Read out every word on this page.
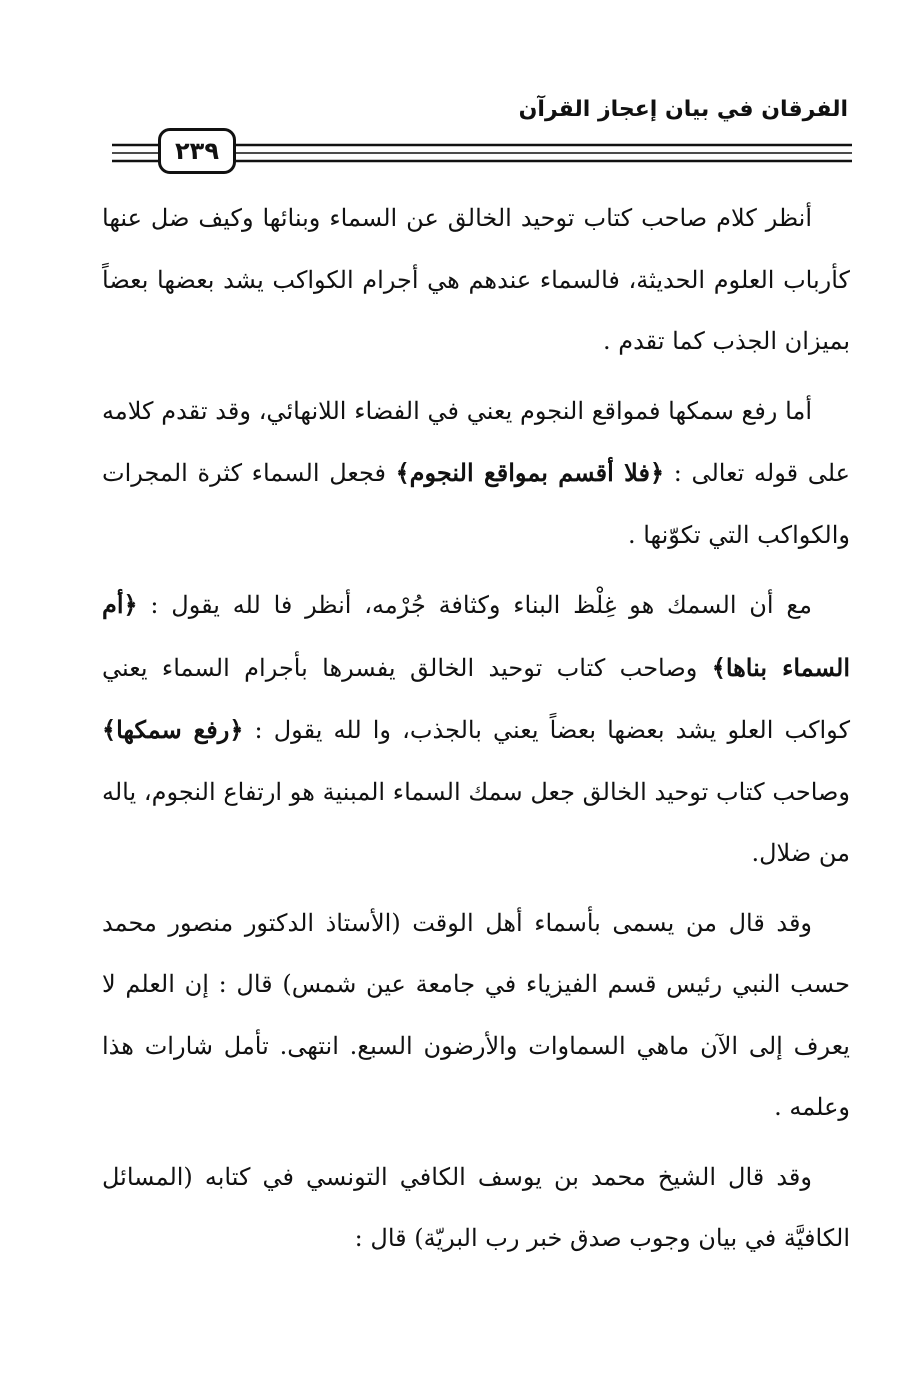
الفرقان في بيان إعجاز القرآن
٢٣٩

أنظر كلام صاحب كتاب توحيد الخالق عن السماء وبنائها وكيف ضل عنها كأرباب العلوم الحديثة، فالسماء عندهم هي أجرام الكواكب يشد بعضها بعضاً بميزان الجذب كما تقدم .

أما رفع سمكها فمواقع النجوم يعني في الفضاء اللانهائي، وقد تقدم كلامه على قوله تعالى : ﴿فلا أقسم بمواقع النجوم﴾ فجعل السماء كثرة المجرات والكواكب التي تكوّنها .

مع أن السمك هو غِلْظ البناء وكثافة جُرْمه، أنظر فا لله يقول : ﴿أم السماء بناها﴾ وصاحب كتاب توحيد الخالق يفسرها بأجرام السماء يعني كواكب العلو يشد بعضها بعضاً يعني بالجذب، وا لله يقول : ﴿رفع سمكها﴾ وصاحب كتاب توحيد الخالق جعل سمك السماء المبنية هو ارتفاع النجوم، ياله من ضلال.

وقد قال من يسمى بأسماء أهل الوقت (الأستاذ الدكتور منصور محمد حسب النبي رئيس قسم الفيزياء في جامعة عين شمس) قال : إن العلم لا يعرف إلى الآن ماهي السماوات والأرضون السبع. انتهى. تأمل شارات هذا وعلمه .

وقد قال الشيخ محمد بن يوسف الكافي التونسي في كتابه (المسائل الكافيَّة في بيان وجوب صدق خبر رب البريّة) قال :
